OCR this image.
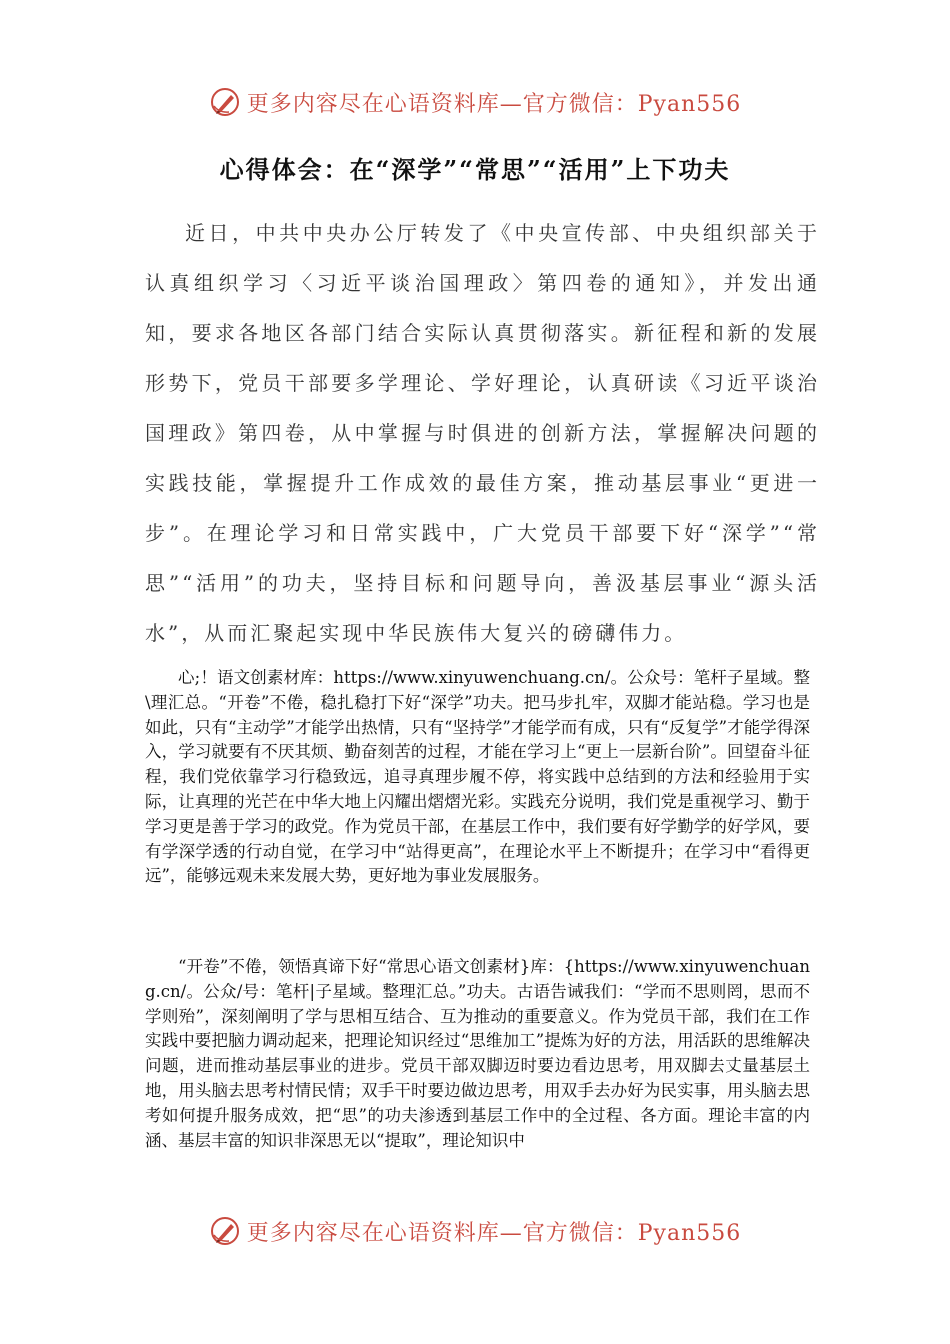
更多内容尽在心语资料库—官方微信：Pyan556
心得体会：在“深学”“常思”“活用”上下功夫

近日，中共中央办公厅转发了《中央宣传部、中央组织部关于认真组织学习〈习近平谈治国理政〉第四卷的通知》，并发出通知，要求各地区各部门结合实际认真贯彻落实。新征程和新的发展形势下，党员干部要多学理论、学好理论，认真研读《习近平谈治国理政》第四卷，从中掌握与时俱进的创新方法，掌握解决问题的实践技能，掌握提升工作成效的最佳方案，推动基层事业“更进一步”。在理论学习和日常实践中，广大党员干部要下好“深学”“常思”“活用”的功夫，坚持目标和问题导向，善汲基层事业“源头活水”，从而汇聚起实现中华民族伟大复兴的磅礴伟力。

心;！语文创素材库：https://www.xinyuwenchuang.cn/。公众号：笔杆子星域。整\理汇总。“开卷”不倦，稳扎稳打下好“深学”功夫。把马步扎牢，双脚才能站稳。学习也是如此，只有“主动学”才能学出热情，只有“坚持学”才能学而有成，只有“反复学”才能学得深入，学习就要有不厌其烦、勤奋刻苦的过程，才能在学习上“更上一层新台阶”。回望奋斗征程，我们党依靠学习行稳致远，追寻真理步履不停，将实践中总结到的方法和经验用于实际，让真理的光芒在中华大地上闪耀出熠熠光彩。实践充分说明，我们党是重视学习、勤于学习更是善于学习的政党。作为党员干部，在基层工作中，我们要有好学勤学的好学风，要有学深学透的行动自觉，在学习中“站得更高”，在理论水平上不断提升；在学习中“看得更远”，能够远观未来发展大势，更好地为事业发展服务。

“开卷”不倦，领悟真谛下好“常思心语文创素材}库：{https://www.xinyuwenchuang.cn/。公众/号：笔杆|子星域。整理汇总。”功夫。古语告诫我们：“学而不思则罔，思而不学则殆”，深刻阐明了学与思相互结合、互为推动的重要意义。作为党员干部，我们在工作实践中要把脑力调动起来，把理论知识经过“思维加工”提炼为好的方法，用活跃的思维解决问题，进而推动基层事业的进步。党员干部双脚迈时要边看边思考，用双脚去丈量基层土地，用头脑去思考村情民情；双手干时要边做边思考，用双手去办好为民实事，用头脑去思考如何提升服务成效，把“思”的功夫渗透到基层工作中的全过程、各方面。理论丰富的内涵、基层丰富的知识非深思无以“提取”，理论知识中

更多内容尽在心语资料库—官方微信：Pyan556
